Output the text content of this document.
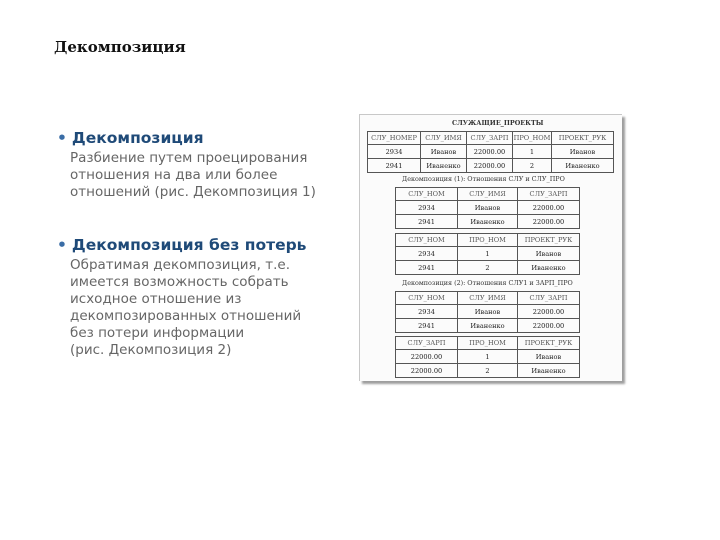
Декомпозиция
• Декомпозиция
Разбиение путем проецирования
отношения на два или более
отношений (рис. Декомпозиция 1)
• Декомпозиция без потерь
Обратимая декомпозиция, т.е.
имеется возможность собрать
исходное отношение из
декомпозированных отношений
без потери информации
(рис. Декомпозиция 2)
СЛУЖАЩИЕ_ПРОЕКТЫ
СЛУ_НОМЕР	СЛУ_ИМЯ	СЛУ_ЗАРП	ПРО_НОМ	ПРОЕКТ_РУК
2934	Иванов	22000.00	1	Иванов
2941	Иваненко	22000.00	2	Иваненко
Декомпозиция (1): Отношения СЛУ и СЛУ_ПРО
СЛУ_НОМ	СЛУ_ИМЯ	СЛУ_ЗАРП
2934	Иванов	22000.00
2941	Иваненко	22000.00
СЛУ_НОМ	ПРО_НОМ	ПРОЕКТ_РУК
2934	1	Иванов
2941	2	Иваненко
Декомпозиция (2): Отношения СЛУ1 и ЗАРП_ПРО
СЛУ_НОМ	СЛУ_ИМЯ	СЛУ_ЗАРП
2934	Иванов	22000.00
2941	Иваненко	22000.00
СЛУ_ЗАРП	ПРО_НОМ	ПРОЕКТ_РУК
22000.00	1	Иванов
22000.00	2	Иваненко
